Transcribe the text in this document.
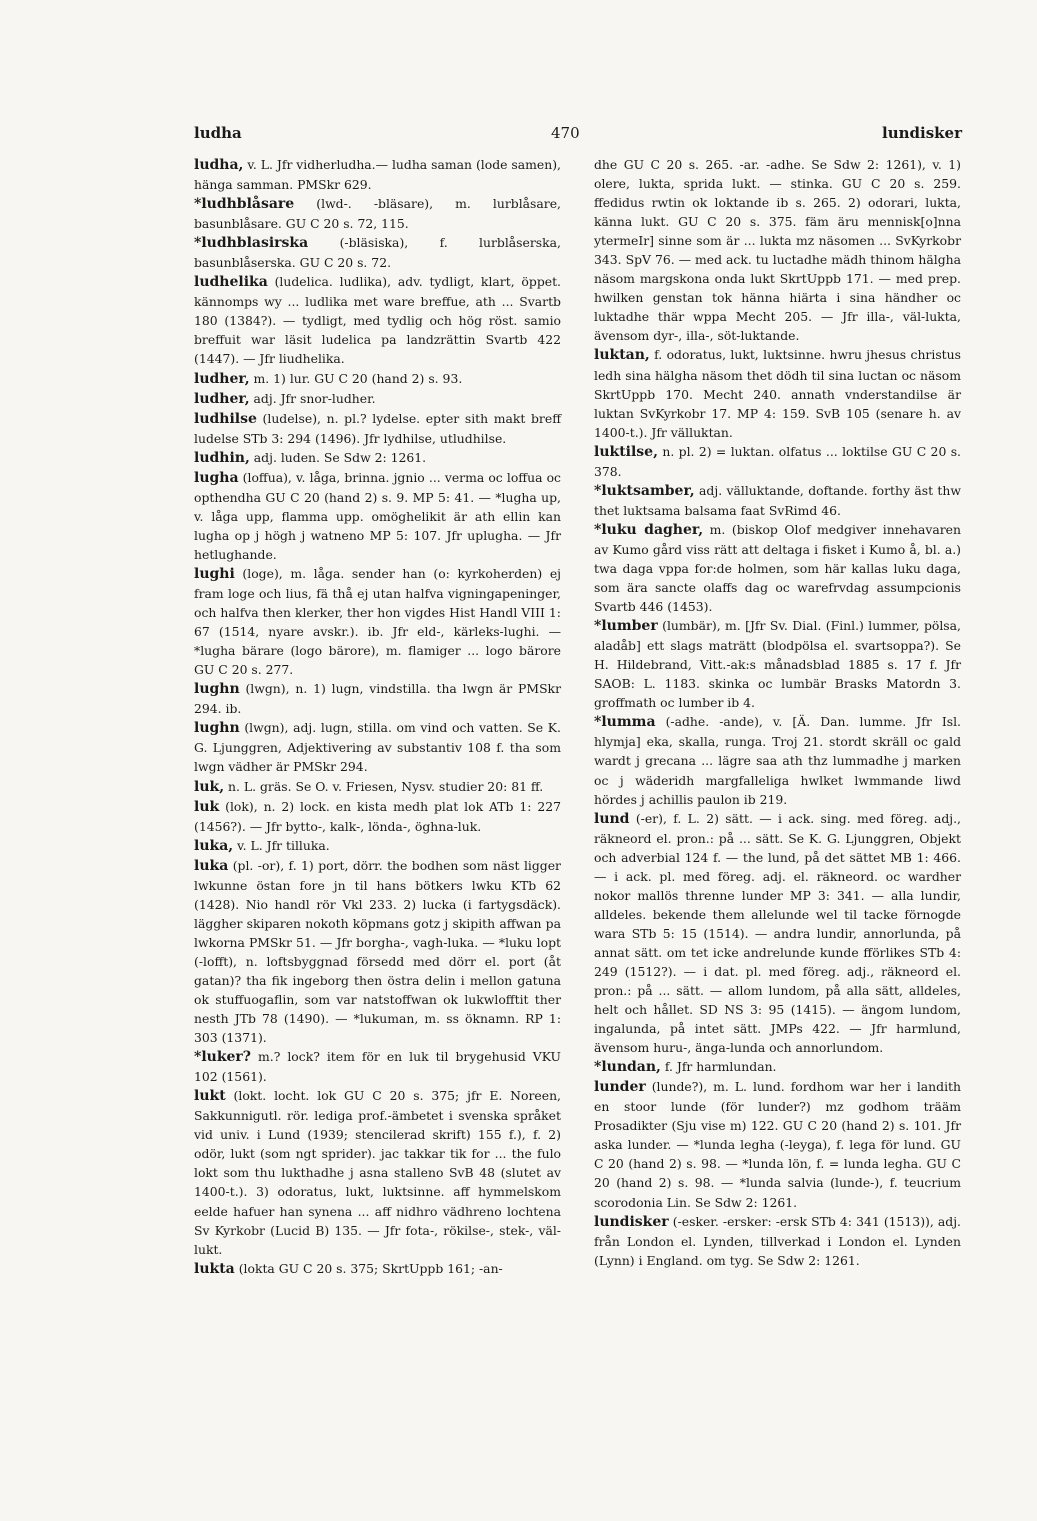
ludha	470	lundisker

ludha, v. L. Jfr vidherludha.— ludha saman (lode samen), hänga samman. PMSkr 629.

*ludhblåsare (lwd-. -bläsare), m. lurblåsare, basunblåsare. GU C 20 s. 72, 115.

*ludhblasirska (-bläsiska), f. lurblåserska, basunblåserska. GU C 20 s. 72.

ludhelika (ludelica. ludlika), adv. tydligt, klart, öppet. kännomps wy ... ludlika met ware breffue, ath ... Svartb 180 (1384?). — tydligt, med tydlig och hög röst. samio breffuit war läsit ludelica pa landzrättin Svartb 422 (1447). — Jfr liudhelika.

ludher, m. 1) lur. GU C 20 (hand 2) s. 93.

ludher, adj. Jfr snor-ludher.

ludhilse (ludelse), n. pl.? lydelse. epter sith makt breff ludelse STb 3: 294 (1496). Jfr lydhilse, utludhilse.

ludhin, adj. luden. Se Sdw 2: 1261.

lugha (loffua), v. låga, brinna. jgnio ... verma oc loffua oc opthendha GU C 20 (hand 2) s. 9. MP 5: 41. — *lugha up, v. låga upp, flamma upp. omöghelikit är ath ellin kan lugha op j högh j watneno MP 5: 107. Jfr uplugha. — Jfr hetlughande.

lughi (loge), m. låga. sender han (o: kyrkoherden) ej fram loge och lius, fä thå ej utan halfva vigningapeninger, och halfva then klerker, ther hon vigdes Hist Handl VIII 1: 67 (1514, nyare avskr.). ib. Jfr eld-, kärleks-lughi. — *lugha bärare (logo bärore), m. flamiger ... logo bärore GU C 20 s. 277.

lughn (lwgn), n. 1) lugn, vindstilla. tha lwgn är PMSkr 294. ib.

lughn (lwgn), adj. lugn, stilla. om vind och vatten. Se K. G. Ljunggren, Adjektivering av substantiv 108 f. tha som lwgn vädher är PMSkr 294.

luk, n. L. gräs. Se O. v. Friesen, Nysv. studier 20: 81 ff.

luk (lok), n. 2) lock. en kista medh plat lok ATb 1: 227 (1456?). — Jfr bytto-, kalk-, lönda-, öghna-luk.

luka, v. L. Jfr tilluka.

luka (pl. -or), f. 1) port, dörr. the bodhen som näst ligger lwkunne östan fore jn til hans bötkers lwku KTb 62 (1428). Nio handl rör Vkl 233. 2) lucka (i fartygsdäck). läggher skiparen nokoth köpmans gotz j skipith affwan pa lwkorna PMSkr 51. — Jfr borgha-, vagh-luka. — *luku lopt (-lofft), n. loftsbyggnad försedd med dörr el. port (åt gatan)? tha fik ingeborg then östra delin i mellon gatuna ok stuffuogaflin, som var natstoffwan ok lukwlofftit ther nesth JTb 78 (1490). — *lukuman, m. ss öknamn. RP 1: 303 (1371).

*luker? m.? lock? item för en luk til brygehusid VKU 102 (1561).

lukt (lokt. locht. lok GU C 20 s. 375; jfr E. Noreen, Sakkunnigutl. rör. lediga prof.-ämbetet i svenska språket vid univ. i Lund (1939; stencilerad skrift) 155 f.), f. 2) odör, lukt (som ngt sprider). jac takkar tik for ... the fulo lokt som thu lukthadhe j asna stalleno SvB 48 (slutet av 1400-t.). 3) odoratus, lukt, luktsinne. aff hymmelskom eelde hafuer han synena ... aff nidhro vädhreno lochtena Sv Kyrkobr (Lucid B) 135. — Jfr fota-, rökilse-, stek-, väl-lukt.

lukta (lokta GU C 20 s. 375; SkrtUppb 161; -an-

dhe GU C 20 s. 265. -ar. -adhe. Se Sdw 2: 1261), v. 1) olere, lukta, sprida lukt. — stinka. GU C 20 s. 259. ffedidus rwtin ok loktande ib s. 265. 2) odorari, lukta, känna lukt. GU C 20 s. 375. fäm äru mennisk[o]nna ytermeIr] sinne som är ... lukta mz näsomen ... SvKyrkobr 343. SpV 76. — med ack. tu luctadhe mädh thinom hälgha näsom margskona onda lukt SkrtUppb 171. — med prep. hwilken genstan tok hänna hiärta i sina händher oc luktadhe thär wppa Mecht 205. — Jfr illa-, väl-lukta, ävensom dyr-, illa-, söt-luktande.

luktan, f. odoratus, lukt, luktsinne. hwru jhesus christus ledh sina hälgha näsom thet dödh til sina luctan oc näsom SkrtUppb 170. Mecht 240. annath vnderstandilse är luktan SvKyrkobr 17. MP 4: 159. SvB 105 (senare h. av 1400-t.). Jfr välluktan.

luktilse, n. pl. 2) = luktan. olfatus ... loktilse GU C 20 s. 378.

*luktsamber, adj. välluktande, doftande. forthy äst thw thet luktsama balsama faat SvRimd 46.

*luku dagher, m. (biskop Olof medgiver innehavaren av Kumo gård viss rätt att deltaga i fisket i Kumo å, bl. a.) twa daga vppa for:de holmen, som här kallas luku daga, som ära sancte olaffs dag oc warefrvdag assumpcionis Svartb 446 (1453).

*lumber (lumbär), m. [Jfr Sv. Dial. (Finl.) lummer, pölsa, aladåb] ett slags maträtt (blodpölsa el. svartsoppa?). Se H. Hildebrand, Vitt.-ak:s månadsblad 1885 s. 17 f. Jfr SAOB: L. 1183. skinka oc lumbär Brasks Matordn 3. groffmath oc lumber ib 4.

*lumma (-adhe. -ande), v. [Ä. Dan. lumme. Jfr Isl. hlymja] eka, skalla, runga. Troj 21. stordt skräll oc gald wardt j grecana ... lägre saa ath thz lummadhe j marken oc j wäderidh margfalleliga hwlket lwmmande liwd hördes j achillis paulon ib 219.

lund (-er), f. L. 2) sätt. — i ack. sing. med föreg. adj., räkneord el. pron.: på ... sätt. Se K. G. Ljunggren, Objekt och adverbial 124 f. — the lund, på det sättet MB 1: 466. — i ack. pl. med föreg. adj. el. räkneord. oc wardher nokor mallös threnne lunder MP 3: 341. — alla lundir, alldeles. bekende them allelunde wel til tacke förnogde wara STb 5: 15 (1514). — andra lundir, annorlunda, på annat sätt. om tet icke andrelunde kunde fförlikes STb 4: 249 (1512?). — i dat. pl. med föreg. adj., räkneord el. pron.: på ... sätt. — allom lundom, på alla sätt, alldeles, helt och hållet. SD NS 3: 95 (1415). — ängom lundom, ingalunda, på intet sätt. JMPs 422. — Jfr harmlund, ävensom huru-, änga-lunda och annorlundom.

*lundan, f. Jfr harmlundan.

lunder (lunde?), m. L. lund. fordhom war her i landith en stoor lunde (för lunder?) mz godhom trääm Prosadikter (Sju vise m) 122. GU C 20 (hand 2) s. 101. Jfr aska lunder. — *lunda legha (-leyga), f. lega för lund. GU C 20 (hand 2) s. 98. — *lunda lön, f. = lunda legha. GU C 20 (hand 2) s. 98. — *lunda salvia (lunde-), f. teucrium scorodonia Lin. Se Sdw 2: 1261.

lundisker (-esker. -ersker: -ersk STb 4: 341 (1513)), adj. från London el. Lynden, tillverkad i London el. Lynden (Lynn) i England. om tyg. Se Sdw 2: 1261.
